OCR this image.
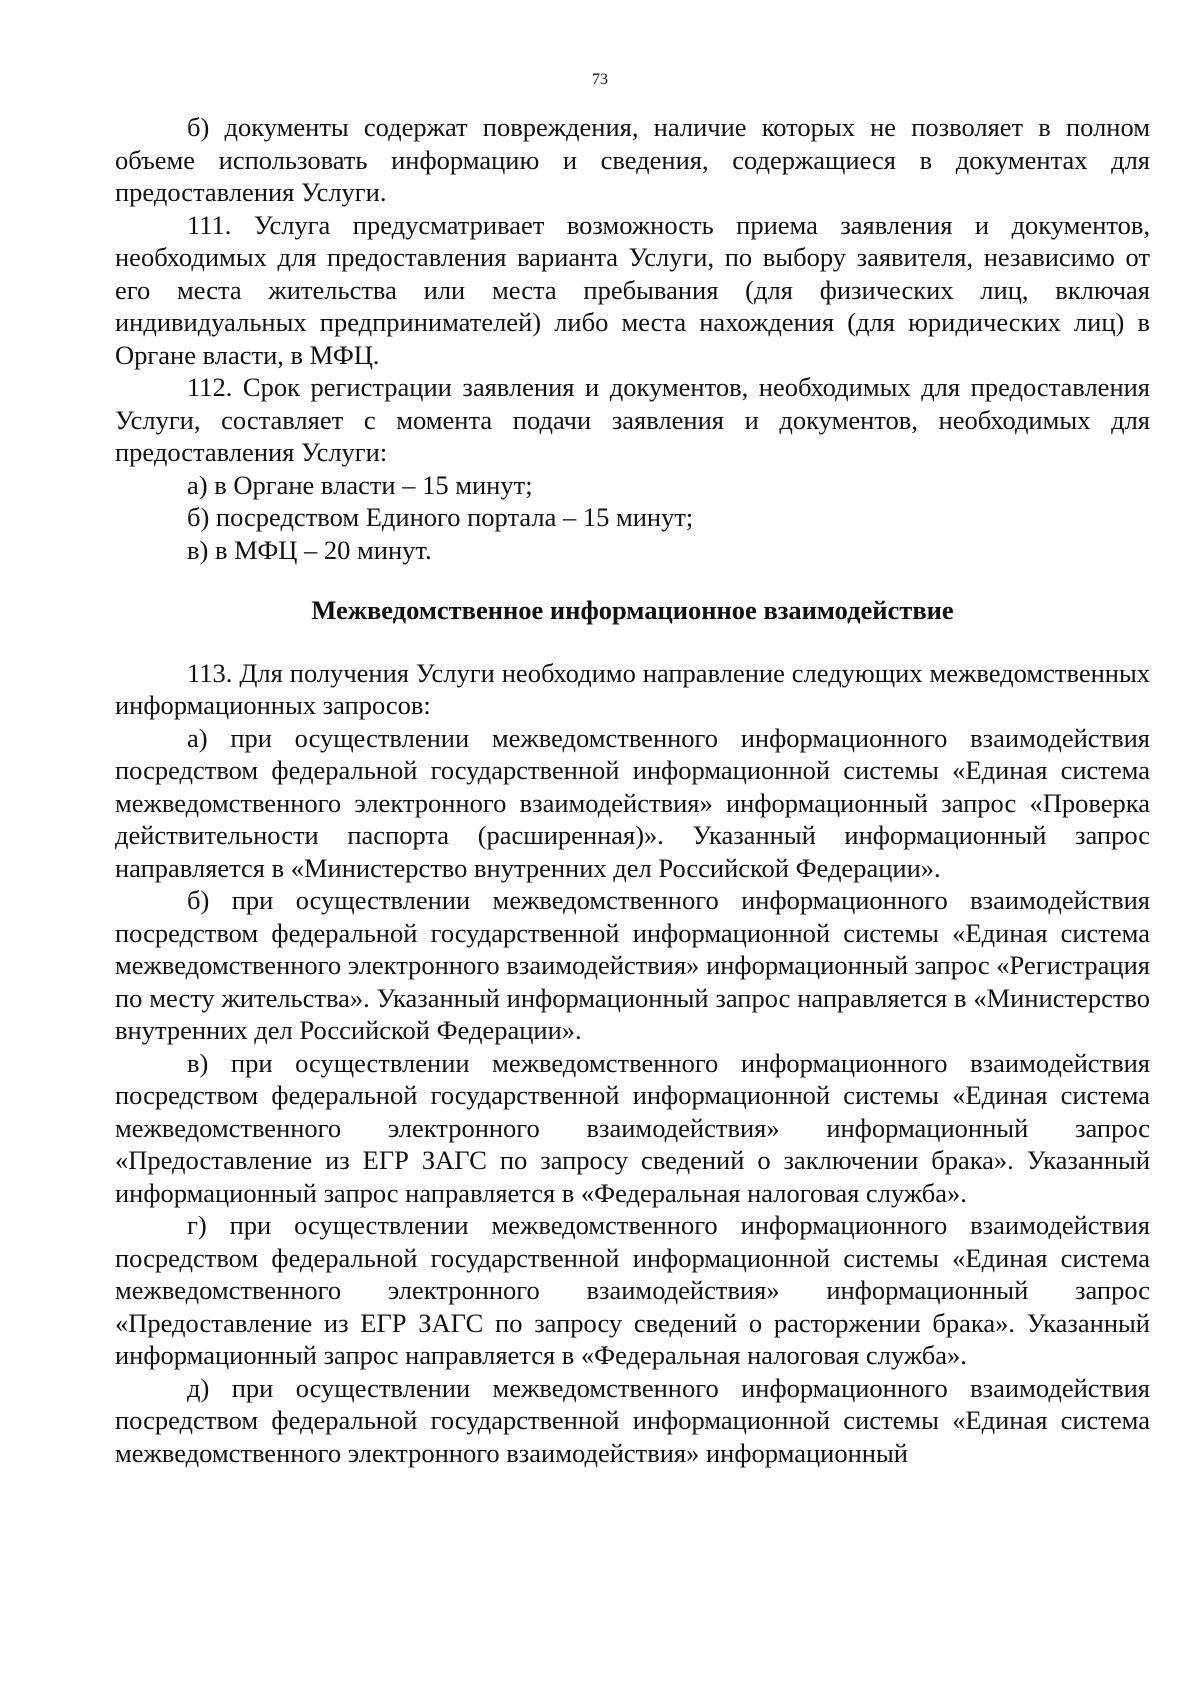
73

б) документы содержат повреждения, наличие которых не позволяет в полном объеме использовать информацию и сведения, содержащиеся в документах для предоставления Услуги.

111. Услуга предусматривает возможность приема заявления и документов, необходимых для предоставления варианта Услуги, по выбору заявителя, независимо от его места жительства или места пребывания (для физических лиц, включая индивидуальных предпринимателей) либо места нахождения (для юридических лиц) в Органе власти, в МФЦ.

112. Срок регистрации заявления и документов, необходимых для предоставления Услуги, составляет с момента подачи заявления и документов, необходимых для предоставления Услуги:

а) в Органе власти – 15 минут;

б) посредством Единого портала – 15 минут;

в) в МФЦ – 20 минут.

Межведомственное информационное взаимодействие

113. Для получения Услуги необходимо направление следующих межведомственных информационных запросов:

а) при осуществлении межведомственного информационного взаимодействия посредством федеральной государственной информационной системы «Единая система межведомственного электронного взаимодействия» информационный запрос «Проверка действительности паспорта (расширенная)». Указанный информационный запрос направляется в «Министерство внутренних дел Российской Федерации».

б) при осуществлении межведомственного информационного взаимодействия посредством федеральной государственной информационной системы «Единая система межведомственного электронного взаимодействия» информационный запрос «Регистрация по месту жительства». Указанный информационный запрос направляется в «Министерство внутренних дел Российской Федерации».

в) при осуществлении межведомственного информационного взаимодействия посредством федеральной государственной информационной системы «Единая система межведомственного электронного взаимодействия» информационный запрос «Предоставление из ЕГР ЗАГС по запросу сведений о заключении брака». Указанный информационный запрос направляется в «Федеральная налоговая служба».

г) при осуществлении межведомственного информационного взаимодействия посредством федеральной государственной информационной системы «Единая система межведомственного электронного взаимодействия» информационный запрос «Предоставление из ЕГР ЗАГС по запросу сведений о расторжении брака». Указанный информационный запрос направляется в «Федеральная налоговая служба».

д) при осуществлении межведомственного информационного взаимодействия посредством федеральной государственной информационной системы «Единая система межведомственного электронного взаимодействия» информационный
